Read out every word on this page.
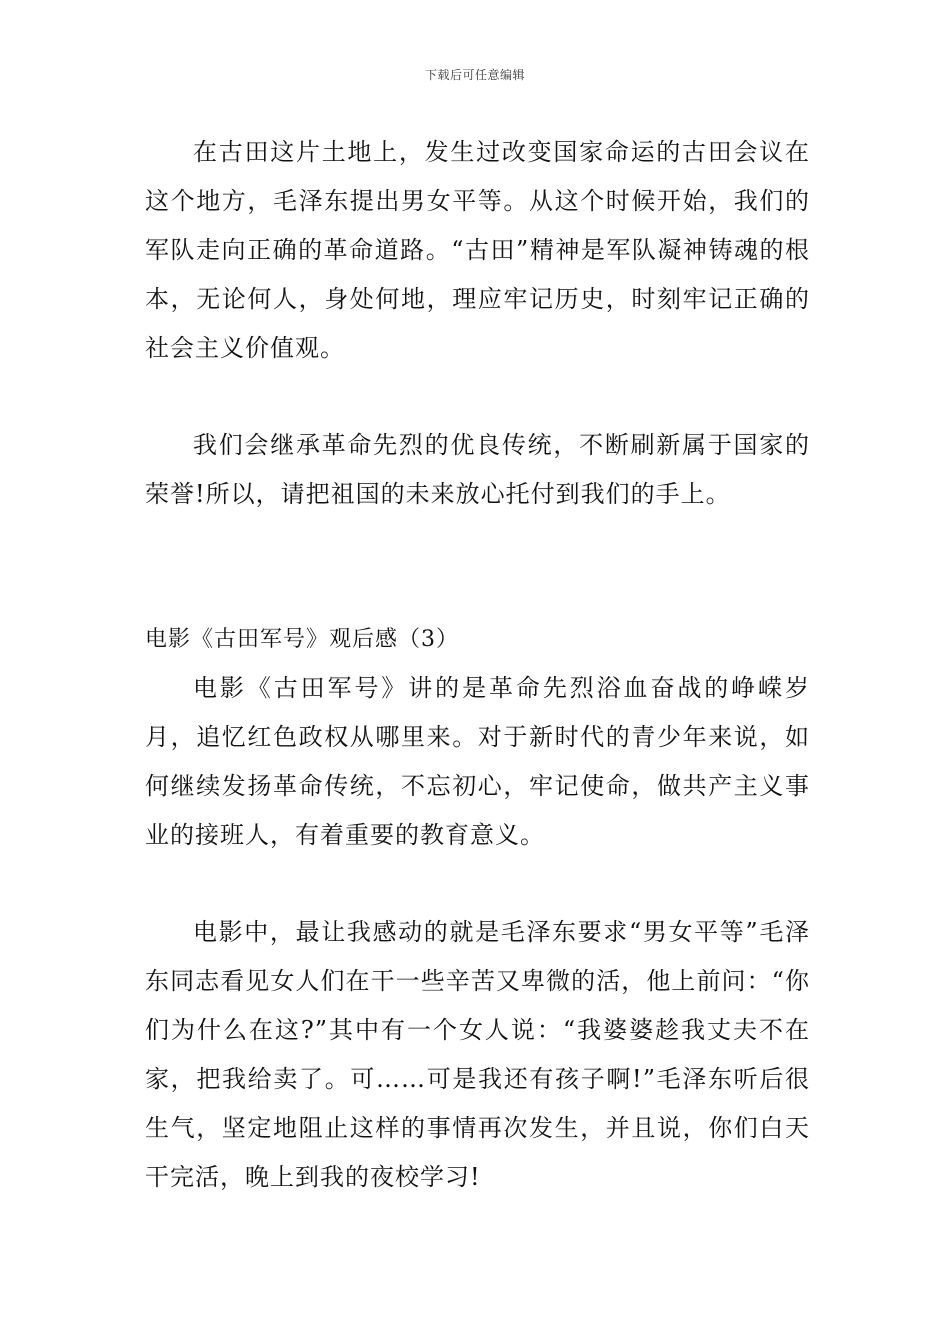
下载后可任意编辑

在古田这片土地上，发生过改变国家命运的古田会议在这个地方，毛泽东提出男女平等。从这个时候开始，我们的军队走向正确的革命道路。“古田”精神是军队凝神铸魂的根本，无论何人，身处何地，理应牢记历史，时刻牢记正确的社会主义价值观。

我们会继承革命先烈的优良传统，不断刷新属于国家的荣誉!所以，请把祖国的未来放心托付到我们的手上。

电影《古田军号》观后感（3）

电影《古田军号》讲的是革命先烈浴血奋战的峥嵘岁月，追忆红色政权从哪里来。对于新时代的青少年来说，如何继续发扬革命传统，不忘初心，牢记使命，做共产主义事业的接班人，有着重要的教育意义。

电影中，最让我感动的就是毛泽东要求“男女平等”毛泽东同志看见女人们在干一些辛苦又卑微的活，他上前问：“你们为什么在这?”其中有一个女人说：“我婆婆趁我丈夫不在家，把我给卖了。可……可是我还有孩子啊!”毛泽东听后很生气，坚定地阻止这样的事情再次发生，并且说，你们白天干完活，晚上到我的夜校学习!
